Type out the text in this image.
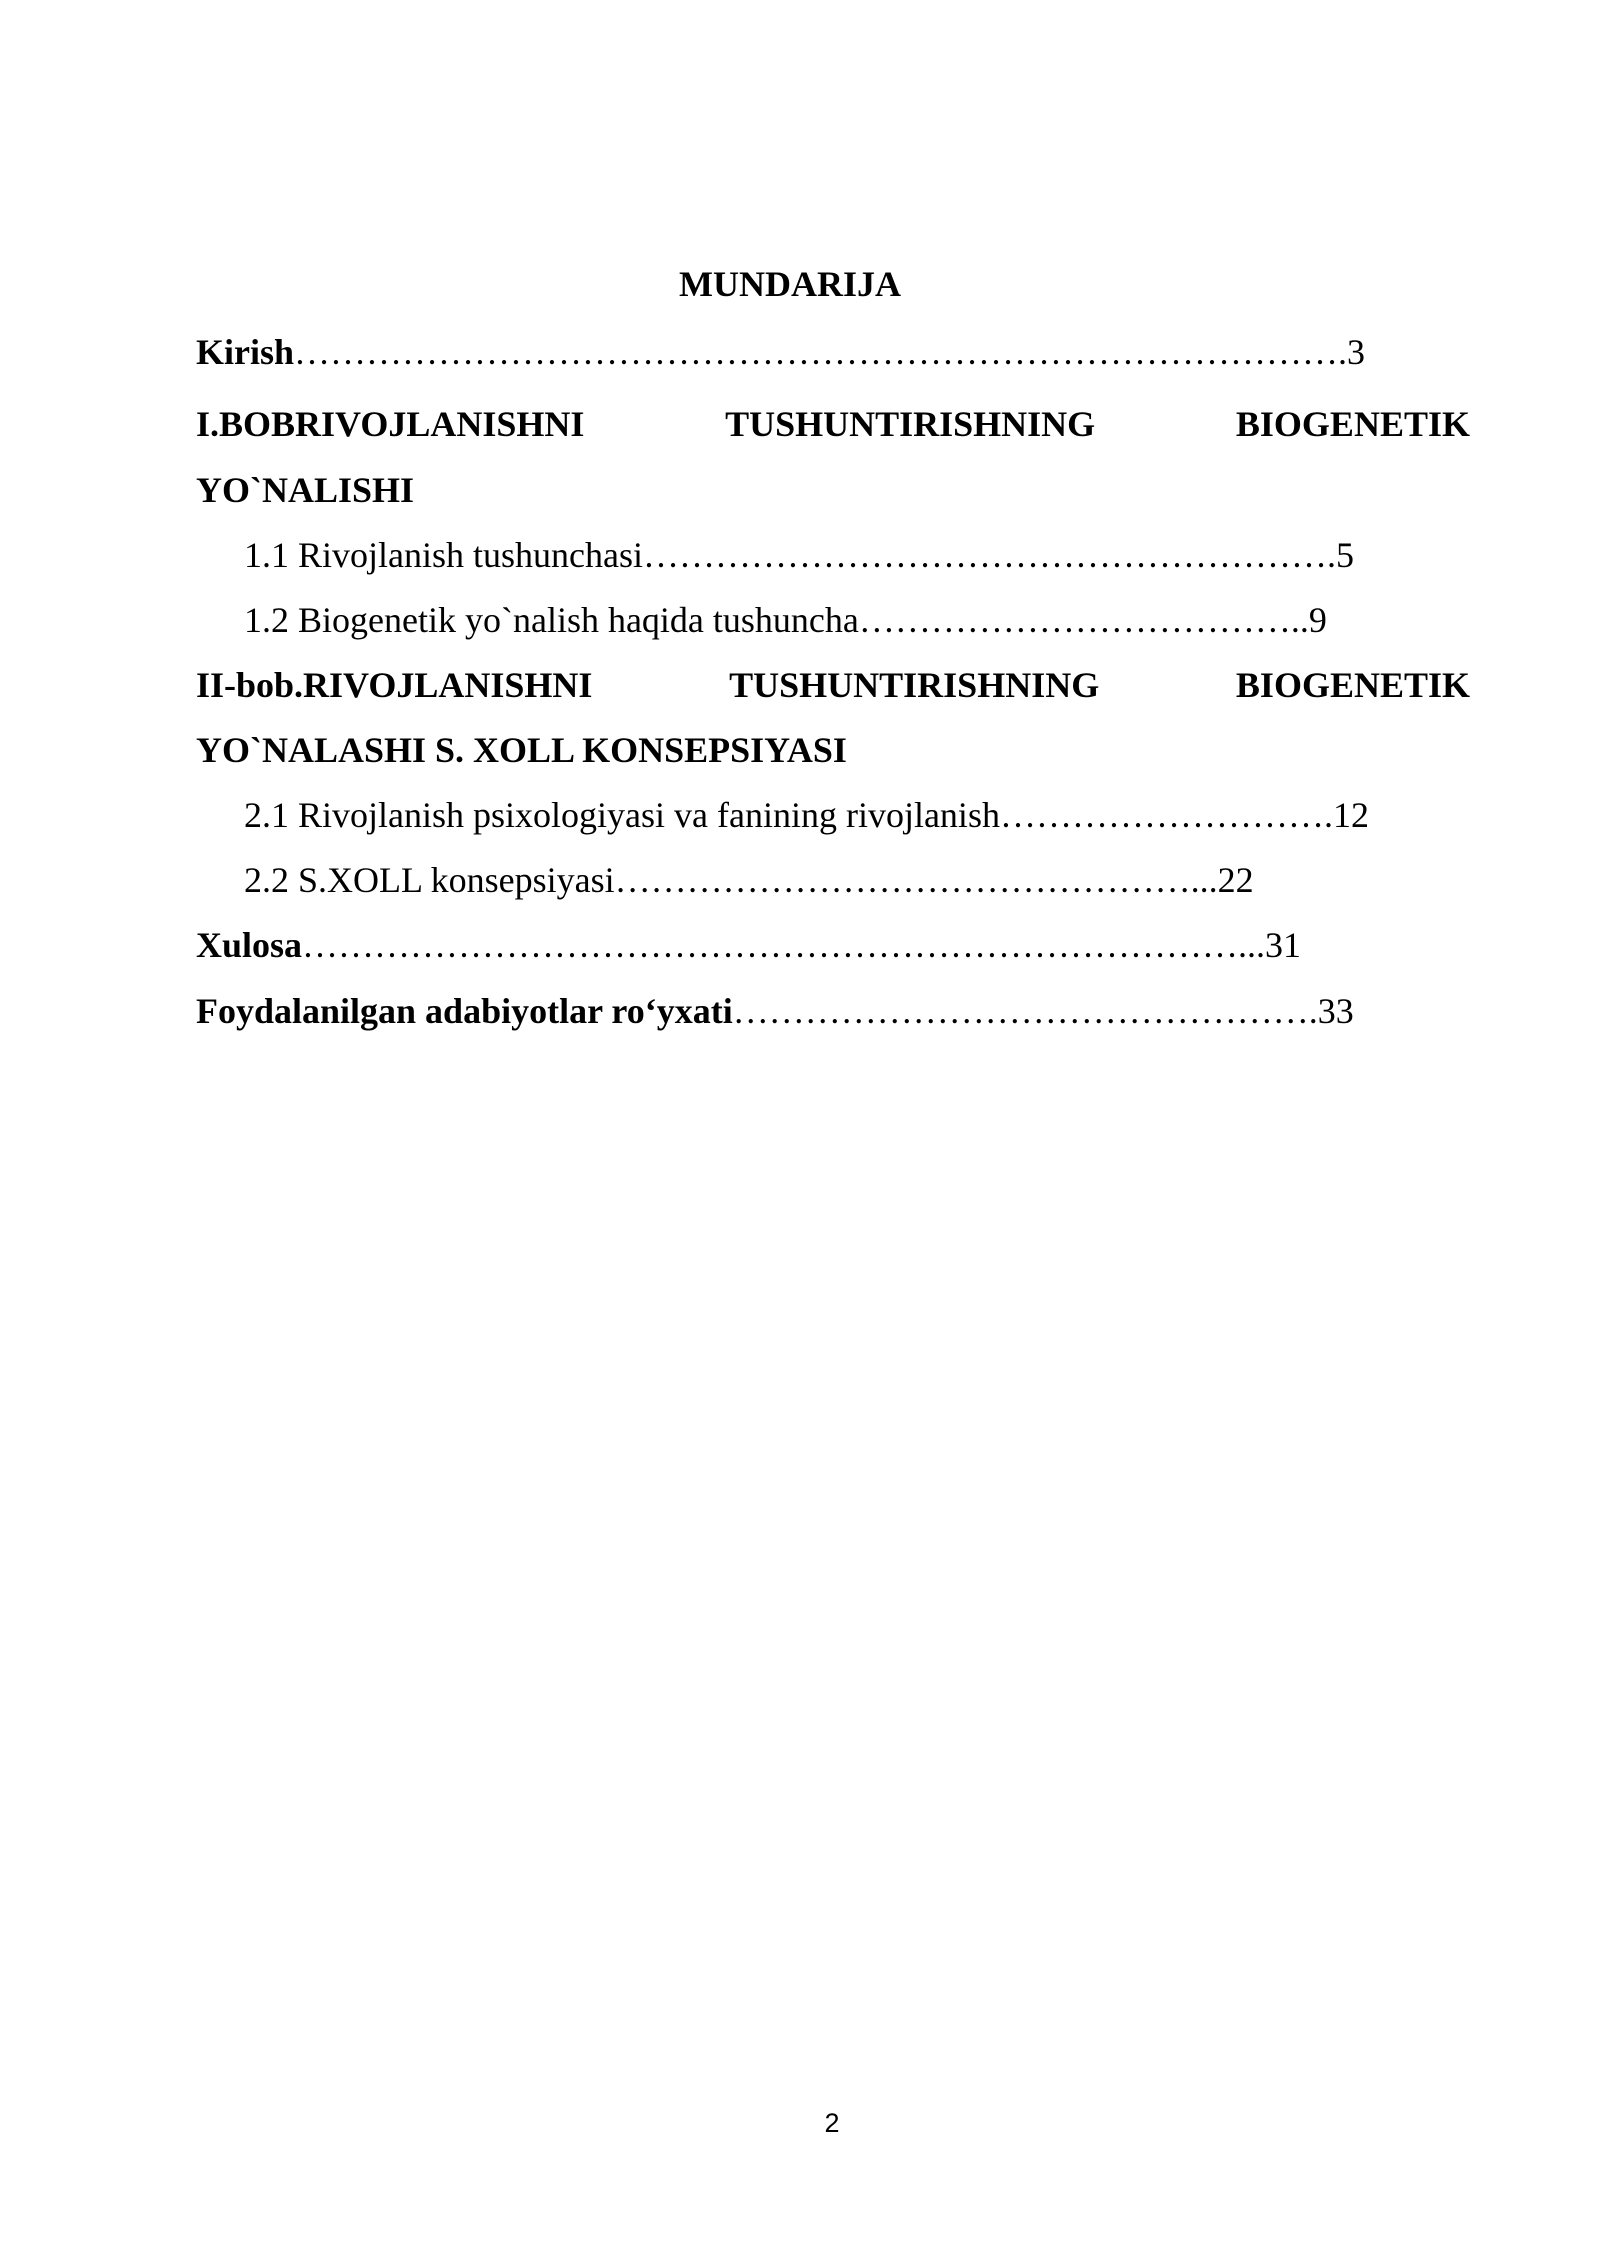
MUNDARIJA
Kirish…………………………………………………………………………….3
I.BOBRIVOJLANISHNI	TUSHUNTIRISHNING	BIOGENETIK
YO`NALISHI
1.1 Rivojlanish tushunchasi………………………………………………….5
1.2 Biogenetik yo`nalish haqida tushuncha………………………………..9
II-bob.RIVOJLANISHNI	TUSHUNTIRISHNING	BIOGENETIK
YO`NALASHI S. XOLL KONSEPSIYASI
2.1 Rivojlanish psixologiyasi va fanining rivojlanish……………………….12
2.2 S.XOLL konsepsiyasi…………………………………………...22
Xulosa……………………………………………………………………...31
Foydalanilgan adabiyotlar ro‘yxati………………………………………….33
2
